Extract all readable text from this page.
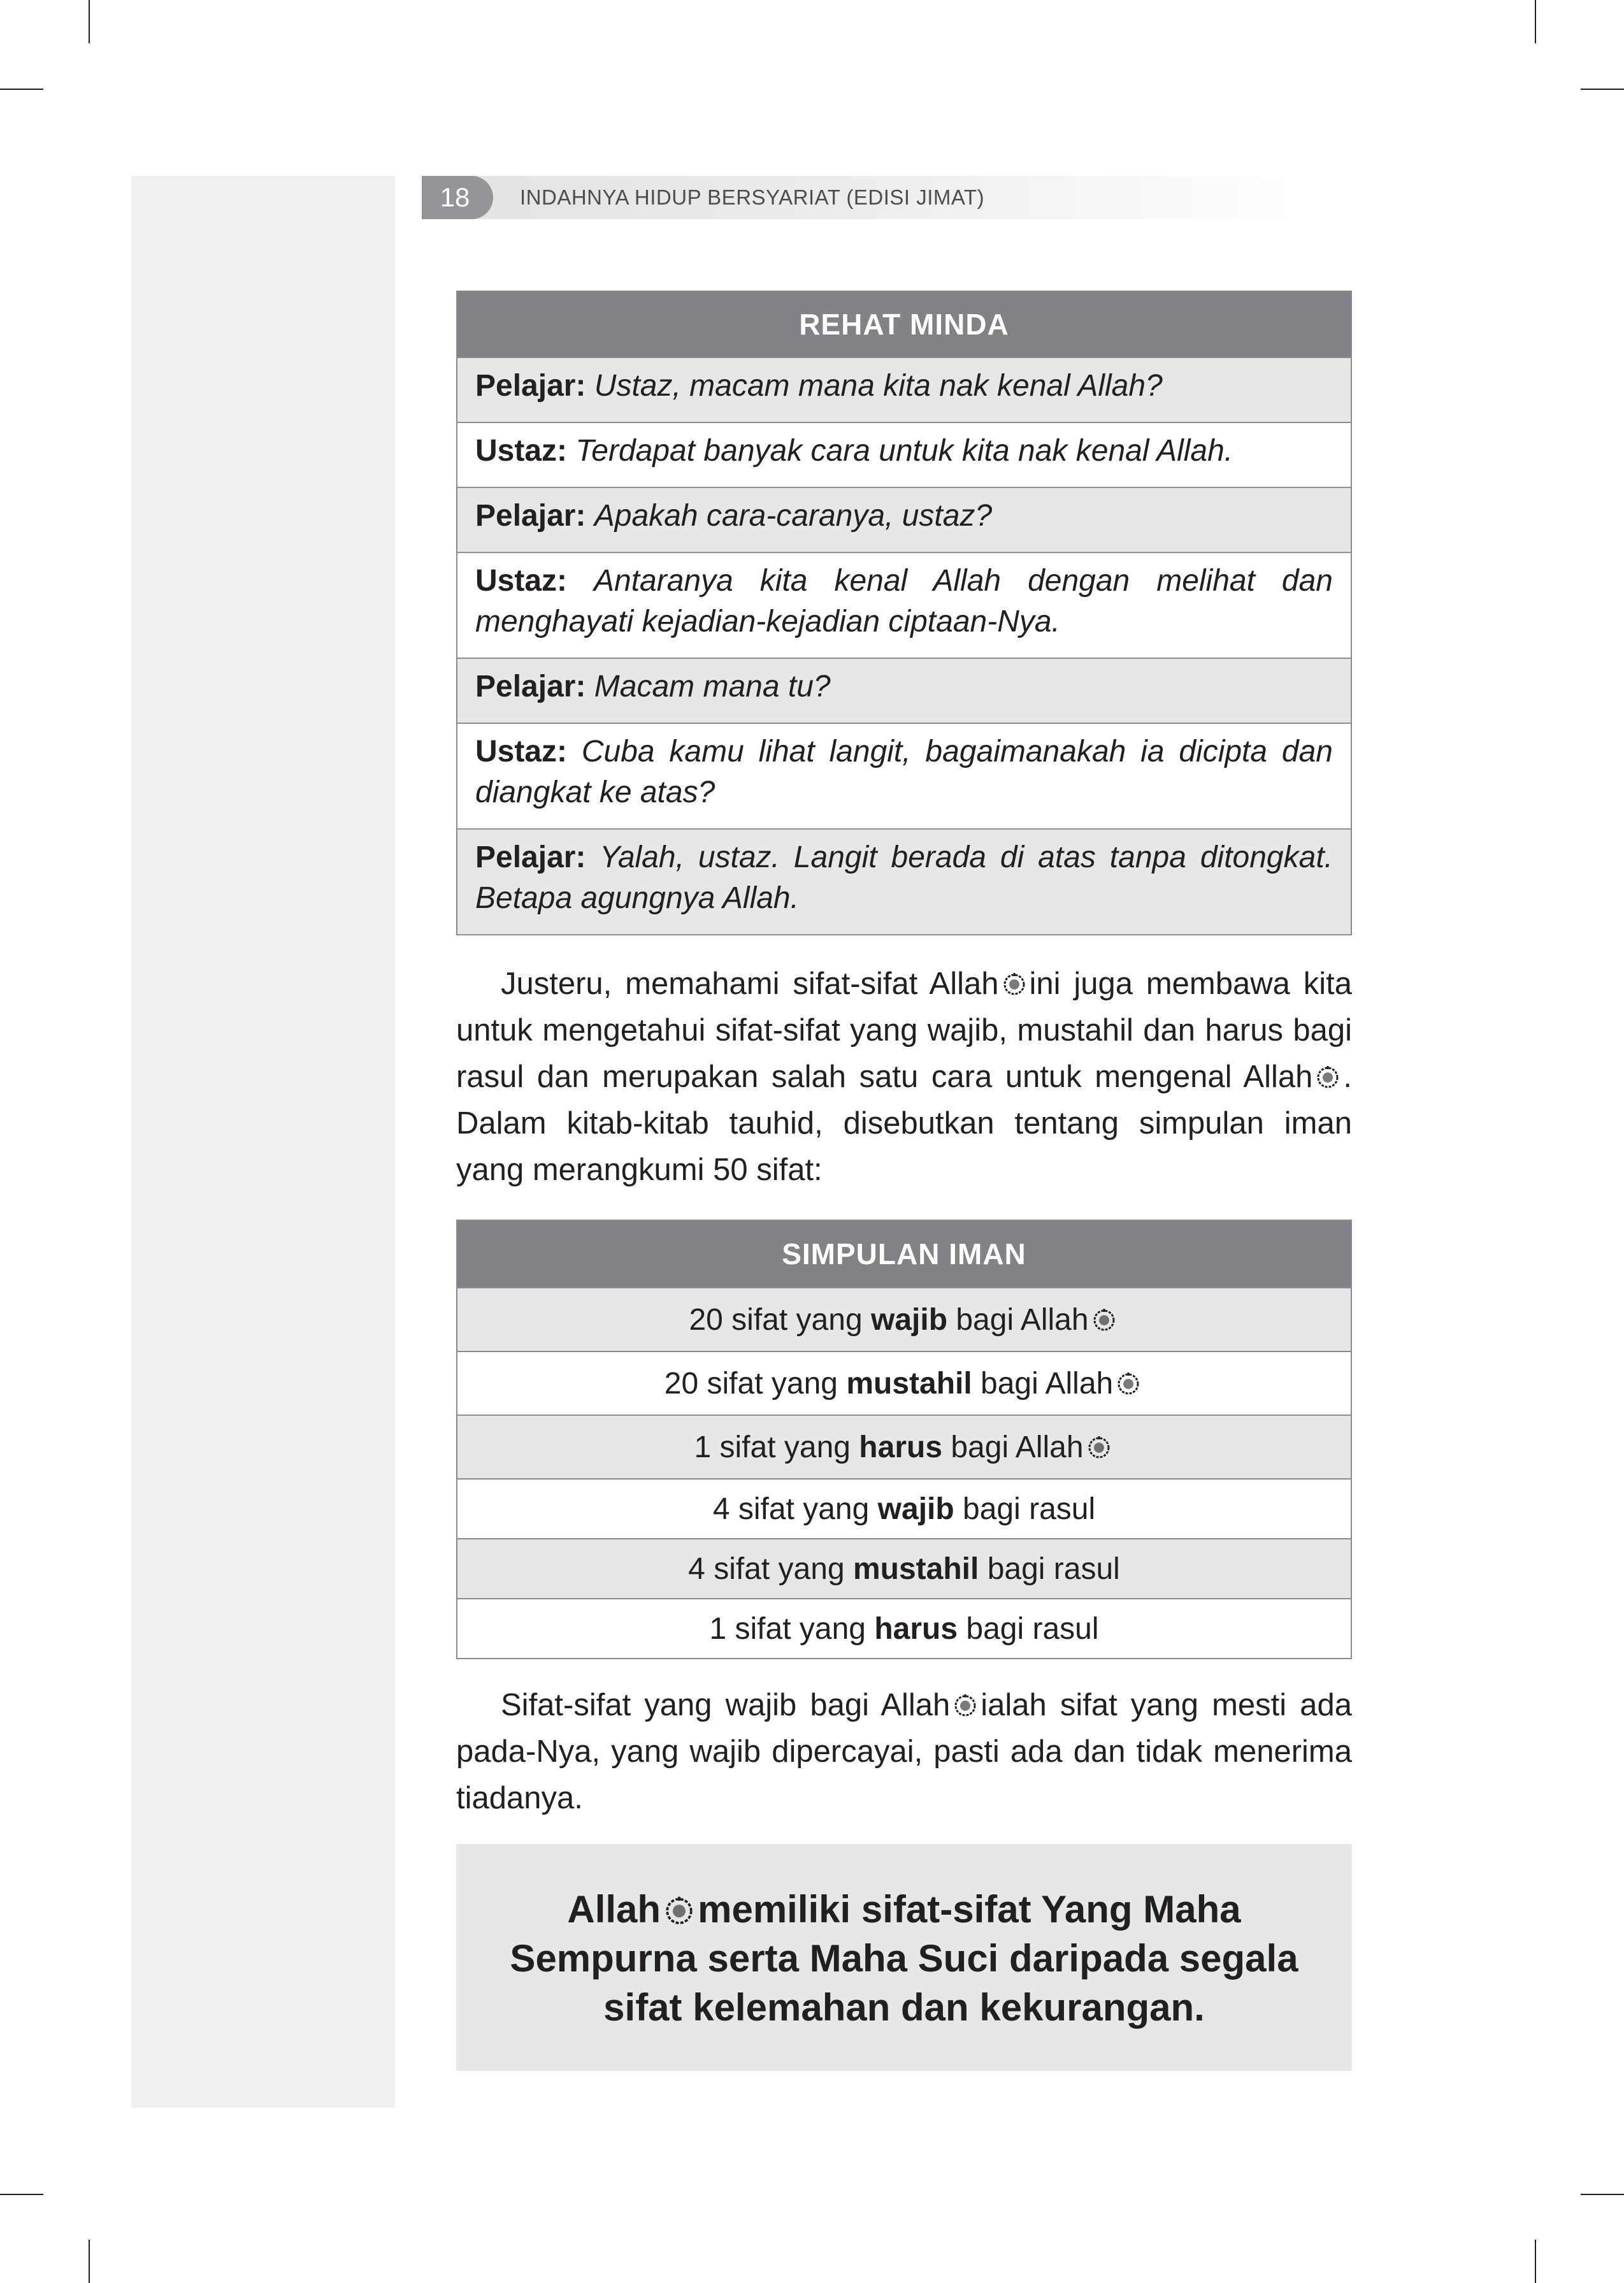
18	INDAHNYA HIDUP BERSYARIAT (EDISI JIMAT)
REHAT MINDA
Pelajar: Ustaz, macam mana kita nak kenal Allah?
Ustaz: Terdapat banyak cara untuk kita nak kenal Allah.
Pelajar: Apakah cara-caranya, ustaz?
Ustaz: Antaranya kita kenal Allah dengan melihat dan menghayati kejadian-kejadian ciptaan-Nya.
Pelajar: Macam mana tu?
Ustaz: Cuba kamu lihat langit, bagaimanakah ia dicipta dan diangkat ke atas?
Pelajar: Yalah, ustaz. Langit berada di atas tanpa ditongkat. Betapa agungnya Allah.
Justeru, memahami sifat-sifat Allah ini juga membawa kita untuk mengetahui sifat-sifat yang wajib, mustahil dan harus bagi rasul dan merupakan salah satu cara untuk mengenal Allah . Dalam kitab-kitab tauhid, disebutkan tentang simpulan iman yang merangkumi 50 sifat:
SIMPULAN IMAN
20 sifat yang wajib bagi Allah
20 sifat yang mustahil bagi Allah
1 sifat yang harus bagi Allah
4 sifat yang wajib bagi rasul
4 sifat yang mustahil bagi rasul
1 sifat yang harus bagi rasul
Sifat-sifat yang wajib bagi Allah ialah sifat yang mesti ada pada-Nya, yang wajib dipercayai, pasti ada dan tidak menerima tiadanya.
Allah memiliki sifat-sifat Yang Maha
Sempurna serta Maha Suci daripada segala
sifat kelemahan dan kekurangan.
